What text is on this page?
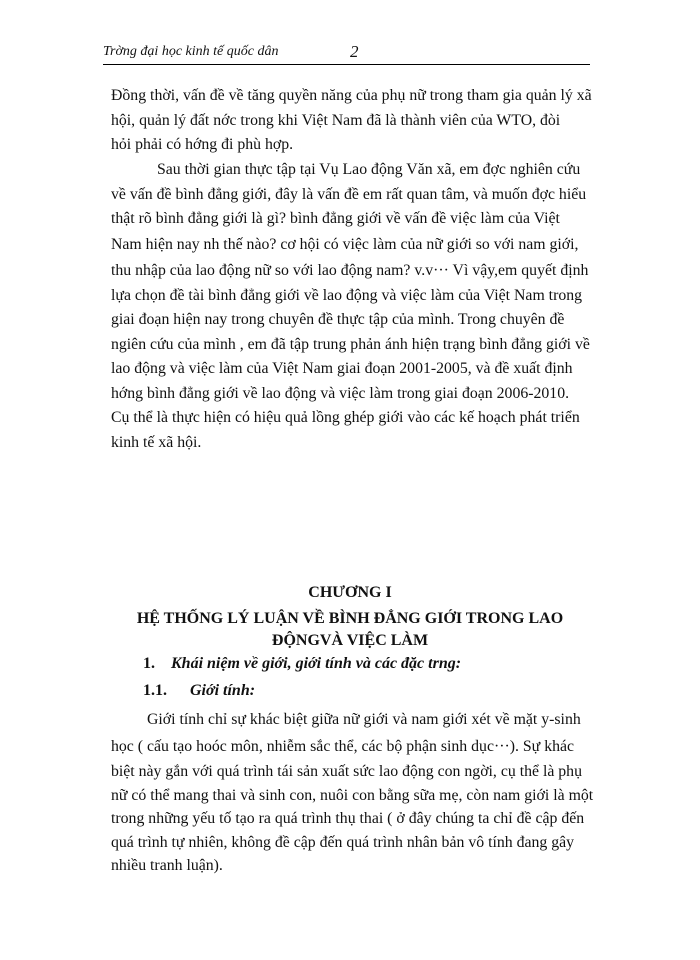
Trờng đại học kinh tế quốc dân	2
Đồng thời, vấn đề về tăng quyền năng của phụ nữ trong tham gia quản lý xã
hội, quản lý đất nớc trong khi Việt Nam đã là thành viên của WTO, đòi
hỏi phải có hớng đi phù hợp.
Sau thời gian thực tập tại Vụ Lao động Văn xã, em đợc nghiên cứu
về vấn đề bình đẳng giới, đây là vấn đề em rất quan tâm, và muốn đợc hiểu
thật rõ bình đẳng giới là gì? bình đẳng giới về vấn đề việc làm của Việt
Nam hiện nay nh thế nào? cơ hội có việc làm của nữ giới so với nam giới,
thu nhập của lao động nữ so với lao động nam? v.v··· Vì vậy,em quyết định
lựa chọn đề tài bình đẳng giới về lao động và việc làm của Việt Nam trong
giai đoạn hiện nay trong chuyên đề thực tập của mình. Trong chuyên đề
ngiên cứu của mình , em đã tập trung phản ánh hiện trạng bình đẳng giới về
lao động và việc làm của Việt Nam giai đoạn 2001-2005, và đề xuất định
hớng bình đẳng giới về lao động và việc làm trong giai đoạn 2006-2010.
Cụ thể là thực hiện có hiệu quả lồng ghép giới vào các kế hoạch phát triển
kinh tế xã hội.
CHƯƠNG I
HỆ THỐNG LÝ LUẬN VỀ BÌNH ĐẲNG GIỚI TRONG LAO
ĐỘNGVÀ VIỆC LÀM
1. Khái niệm về giới, giới tính và các đặc trng:
1.1. Giới tính:
Giới tính chỉ sự khác biệt giữa nữ giới và nam giới xét về mặt y-sinh
học ( cấu tạo hoóc môn, nhiễm sắc thể, các bộ phận sinh dục···). Sự khác
biệt này gắn với quá trình tái sản xuất sức lao động con ngời, cụ thể là phụ
nữ có thể mang thai và sinh con, nuôi con bằng sữa mẹ, còn nam giới là một
trong những yếu tố tạo ra quá trình thụ thai ( ở đây chúng ta chỉ đề cập đến
quá trình tự nhiên, không đề cập đến quá trình nhân bản vô tính đang gây
nhiều tranh luận).
